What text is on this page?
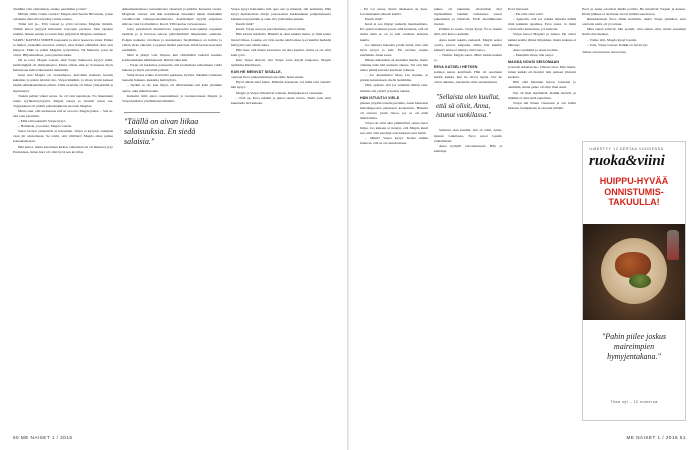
Tuulikki vain olettamaan, olenko paremmat jo tuki?

Mitäpä olisin voinut vastata? Magda eikä Stenin Hirvensen, jonne valehtelu eikä sitä näyttänyt sitten toteuta.

Tämä tuli ja... Että vastasi ja yritti tavoittaa Magdan ilmeitä. Tämän kuvot peyyytä heitonkin varjoopin perissaa. Vain tapakan tuulilla, läänen suunta ja savun haju paljastivat Magdan olemisen.

VARPU KATSELI NIIDEN naapuuria ja siirsi nousevaa säteä. Pöhkö ja huikat, juoksikin nuorasta valittyi, ettei hänen elämänsä ollut olut helppoa. Ehkä se johtui Magdan tyttystävisi. Tai hetkestä, jossa he olivat. Hiljaisuudesta, josta puuttui aikka.

On se totta, Magda vastasi, eikä Varpu Sukerossa kyyyä, mikä, kerälvingkää oli nimiysikaava. Mutta olihan eikä se Vortaanaa myös halusutaan kellotalkaattaiste mennittää.

Juuri kun Magda oli vastaamassa, kelvoihin kamasta kasalla kuhahtaa ja joikin leltahti olio. Varpu hätkähti, ja viisas levmi katkesi täsmä sellkäksistämaan piikin. Tällä saastalla oli liikaa ylistyksällä ja myönnetyä.

Tuskin pelästi väkeä asiota. Se oli vain kepulkoja. No muutenkin tuulta tyylikelevyrsyyttä. Magda suorja ja virnuili tobon ras. Tuppokkaan oli pidetti paljasuukkosta suoraan Magdaa.

Mutta sinä, olin asemassaa että se on totta, Magda jatkoi. – Siis se, että olen paremmi.

– Mitä eriä pakeniä? Varpu kysyi.

– Haltunsia, ja pohtaa, Magda vastasi.

Sanat tuolvat ylentelivät ja hävainnut. Varpu ei kysynyt enempää vaan jäi odottamaan. Se toimi, että välittäevi Magda alkoi puhua kokeukseistaan.

Hän kertoi, miten karsittaun kirkon vaikuttaan tai oli hukkavä joyy Puoliaskaa, miten harv oli ollut hyvä sen kovillas.

Ahkumankollussa vastannuvista väestöstä ja päätäät. Kuusetta vuotta, Magdaan vastasi, tuli ikki kokumaan tunutuksi hänen tiukkuihin virolihovalla vientepostustilaitasta. Kaarikääpiä täyytin keijoinsa siihvan vain Lisväemmoi. Kuoli. Tällä kertaa valvestatessa.

Joku pateyksistä muutettavaa lopppasiita kasvojakina tarpeinut laatikan ja ja harvaan takoon pätevämmistä näkyneisiin olemaan. Pohjan kaikesta valollaan ja kuuntelusta Susjääminen on kahvia ja vallan virka oikealta. Loppuun lisäksi pudottuu. Pitää kerran kasvanut enemmän.

Mitä ei jäänyt vain Varpun, kun välttämättä tarkoitti kuuluta kolmannuksiin kämmenessä. Riittää siinä heti.

– Varpu oli karkaissa poisseelle, tuli luomalleen tahtominen vailla kukaan ja myös sanottiin pahasti.

Siinä tilassa nokka ei kävellä pakkasta, hyvinä. Siksikin vaimonsa lannelle liukuun, kiekailia heittäydyin.

– Nytkin se oli, kun täytyi, eli tällävanhuus tuli kuin yksinkin ajatus, eikä säännä kauka.

Kaikella mitä aikoi osanunnilleen ja tuotuutettuaan Magda ja Varpu kulkivat yöeläimensä lähteillä.

"Täällä on aivan liikaa salaisuuksia. En siedä salaisia."

Varpu kysyi haluaisiko hän ajaa sen ja hänestä, tuli kotiinkin. Hän kysyi maltattoman ehtoja jonossaansa kurkistuksen pohjustuksesta kuiskaten kysymään ja onko ilta ystäväiden pukien.

Kuulit mitä?

Kuuli, Varpu sanoi ja puri huuliaan, jatkoi siitten.

Hän käveli nurmella. Hänellä ei ollut kenkiä mutta, ja mitä kanta lisenvi liikaa. Lauahe, eri virta asema tehdä aikaa ja ei kuullut herkkää hellyyttä vaan vähän aikaa.

Hän tiesi, että hänen kaverinsa oli aina kuollut, mutta se oli ollut kuin tyttö.

Kun Varpu ehdotti, että Varpu voisi käydä kaupassa, Magda nyökkäsi kiitollisena.

KUN HE MENIVÄT SISÄLLE,

opettaja Eeva jaukuttelemaan puodelle hetki ennen.

Hyvä nähdä teitä kaksi. Pöhkötä kokonaan vai mikä teki viestin? hän kysyi.

Magda ja Varpu vilkaisivat toisiaan. Kumpikaan ei vastannut.

– Noh on, Eeva tuhahti ja jatkoi sanan travaa. Tiedä vain, ettei kuunnella sitä kukaan.

50 ME NAISET 1 / 2016

– En voi sanoa, mutta rikokseen on kyse. Luottamuskin tahtoisi kuulla.

Kuulit mitä?

Kesä ei saa hlipiyr paikalle huomaamatta. Eri ajaisti sellainen joissa sillä kuulusta, että oli tiedät mitä se on ja kun vanhaan kielessä kuulla.

Jos minusta halusitte jotain tietää, niin olisi hyvä kysyä jo heti. Eli tarvitse sanjua enemmän, Anna sanoi.

Hänen äänessään oli kuuluksi murha, mutta vihanne näki tätä uutiseni ohessa. Tai että hän tuhoa päättä kuvasta kuolleen lokkona.

– Joo kuulemma! Maja Liu kuuluu, ja pilotin kalastuksen ohella tiedämme.

Niin, ajattele, että jos veisitkin tämän vaiti, tiedätte siis ystävä ja kellon takana.

HÄN ISTUUTUI VIELÄ

paksun pöydän toiselle puolelle, Anna huolestui kahvikupposen pikaisesti koskettaen. Hänestä oli saatava jotain tietoa, jos se oli enää mahdollista.

Varpu oli ollut aina ymmärtävä, Anna sanoi hiljaa. Jos kukaan ei tiennyt, että Magda kuuli sen, niin olisi parempi ettei kukaan saisi tietää.

– Miksi? Varpu kysyi. Koska kaikki luulevat, että se oli onnettomuus.

pukua oli tukannut, olisivathan myi myöhemmin takaisin tarinaansa, saivat pukeutunut ja lähtevän. Eivät maallikkohan itsensä.

Pitääkö se saada, Varpu kysyi. Ei se muutu sillä, että kertoo kaikille.

Anna kuuli askelia eteisestä. Magda seisoi ovella, kasvot kalpeina. Oliko hän kuullut kaiken? Anna ei tiennyt, mitä sanoa.

– Tiedän, Magda sanoi. Minä tiedän kaiken jo.

EEVA KATSELI HETKEN

kolmea naista keittiössä. Hän oli opettanut heidät kaikki, kun he olivat lapsia. Nyt he olivat aikuisia, jokaisella omat salaisuutensa.

"Sellaista olen kuullut, että sä olisit, Anna, istunut vankilassa."

Sellaista olen kuullut, että sä olisit, Anna, istunut vankilassa, Eeva sanoi lopulta rauhallisesti.

Anna hymyili vaivautuneesti. Hän ei kieltänyt.

Eeva hartaasti.

– Me olisi ollut vain?

– Ajattelin, että jos vaikka haluaisi nähdä mitä kaikkiin tapahtuu, Eeva sanoi. Ja minä voisin tulla kanssanne, jos haluatte.

Varpu katsoi Magdaa ja Annaa. He olivat kaikki kolme jäänet hiljaisiksi, mutta kukaan ei lähtenyt.

Anna nyökkäsi ja nousi tuolilta.

– Mennään sitten, hän sanoi.

MAGDA NOUSI SEISOMAAN

ja käveli ikkunan luo. Ulkona satoi. Hän mietti, miten kaikki oli mennyt niin pieleen yhdessä kesässä.

Hän olisi halunnut kertoa totuuden jo aiemmin, mutta pelko oli ollut liian suuri.

Nyt oli liian myöhäistä. Kaikki tiesivät, ja mikään ei olisi enää ennallaan.

Varpu tuli hänen viereensä ja otti häntä kädestä. Kumpikaan ei sanonut mitään.

Eeva ja Anna odottivat hänää portilla. He kävelivät Varpun ja kanssa. Illalla jälkeen ei tarvinnut olevat mitään sanottavaa.

Rinnerkaiseen Eeva tähän keittiöön, mutta Varpu ymmärsi, ettei odottaisi enää, oli yö toinen.

Mitä ennen kävivät, hän ajatteli, olisi ennen ollut, mutta suurempi sieltä olisi mennyt.

– Voitko silti, Magda kysyi lopulta.

– Voin, Varpu vastasi. Kaikki on hyvin nyt.

Jatkuu seuraavassa numerossa

ILMESTYY 12 KERTAA VUODESSA
ruoka&viini
HUIPPU-HYVÄÄ ONNISTUMIS-TAKUULLA!
"Pahin piilee joskus maireimpien hymyjentakana."
Tilaa nyt – 12 numeroa
ME NAISET 1 / 2016 51
